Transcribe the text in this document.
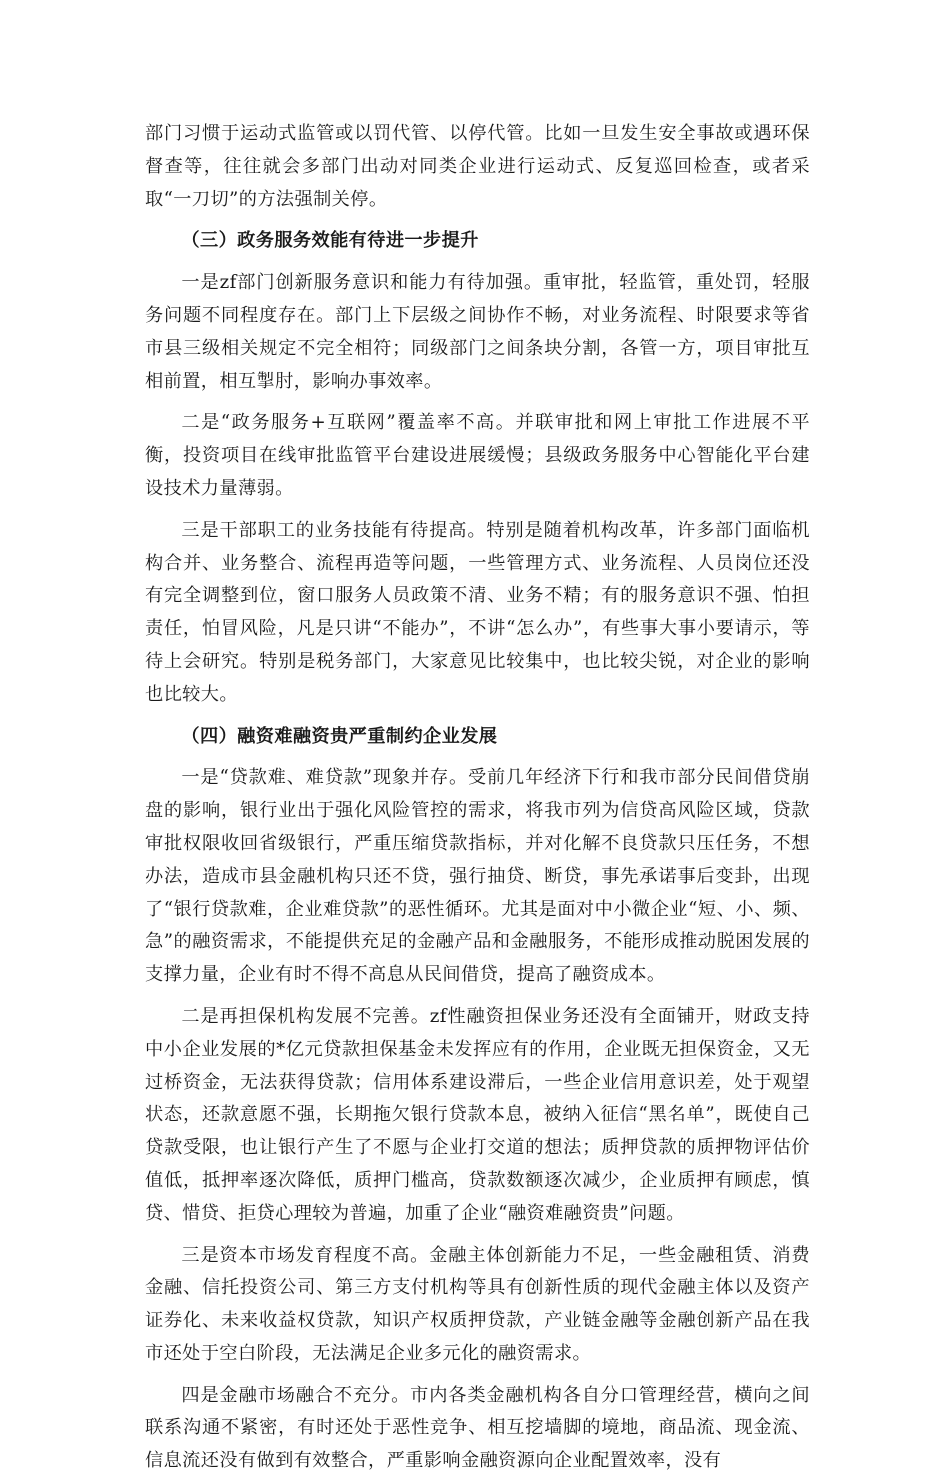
部门习惯于运动式监管或以罚代管、以停代管。比如一旦发生安全事故或遇环保督查等，往往就会多部门出动对同类企业进行运动式、反复巡回检查，或者采取“一刀切”的方法强制关停。

（三）政务服务效能有待进一步提升

一是zf部门创新服务意识和能力有待加强。重审批，轻监管，重处罚，轻服务问题不同程度存在。部门上下层级之间协作不畅，对业务流程、时限要求等省市县三级相关规定不完全相符；同级部门之间条块分割，各管一方，项目审批互相前置，相互掣肘，影响办事效率。

二是“政务服务+互联网”覆盖率不高。并联审批和网上审批工作进展不平衡，投资项目在线审批监管平台建设进展缓慢；县级政务服务中心智能化平台建设技术力量薄弱。

三是干部职工的业务技能有待提高。特别是随着机构改革，许多部门面临机构合并、业务整合、流程再造等问题，一些管理方式、业务流程、人员岗位还没有完全调整到位，窗口服务人员政策不清、业务不精；有的服务意识不强、怕担责任，怕冒风险，凡是只讲“不能办”，不讲“怎么办”，有些事大事小要请示，等待上会研究。特别是税务部门，大家意见比较集中，也比较尖锐，对企业的影响也比较大。

（四）融资难融资贵严重制约企业发展

一是“贷款难、难贷款”现象并存。受前几年经济下行和我市部分民间借贷崩盘的影响，银行业出于强化风险管控的需求，将我市列为信贷高风险区域，贷款审批权限收回省级银行，严重压缩贷款指标，并对化解不良贷款只压任务，不想办法，造成市县金融机构只还不贷，强行抽贷、断贷，事先承诺事后变卦，出现了“银行贷款难，企业难贷款”的恶性循环。尤其是面对中小微企业“短、小、频、急”的融资需求，不能提供充足的金融产品和金融服务，不能形成推动脱困发展的支撑力量，企业有时不得不高息从民间借贷，提高了融资成本。

二是再担保机构发展不完善。zf性融资担保业务还没有全面铺开，财政支持中小企业发展的*亿元贷款担保基金未发挥应有的作用，企业既无担保资金，又无过桥资金，无法获得贷款；信用体系建设滞后，一些企业信用意识差，处于观望状态，还款意愿不强，长期拖欠银行贷款本息，被纳入征信“黑名单”，既使自己贷款受限，也让银行产生了不愿与企业打交道的想法；质押贷款的质押物评估价值低，抵押率逐次降低，质押门槛高，贷款数额逐次减少，企业质押有顾虑，慎贷、惜贷、拒贷心理较为普遍，加重了企业“融资难融资贵”问题。

三是资本市场发育程度不高。金融主体创新能力不足，一些金融租赁、消费金融、信托投资公司、第三方支付机构等具有创新性质的现代金融主体以及资产证券化、未来收益权贷款，知识产权质押贷款，产业链金融等金融创新产品在我市还处于空白阶段，无法满足企业多元化的融资需求。

四是金融市场融合不充分。市内各类金融机构各自分口管理经营，横向之间联系沟通不紧密，有时还处于恶性竞争、相互挖墙脚的境地，商品流、现金流、信息流还没有做到有效整合，严重影响金融资源向企业配置效率，没有
